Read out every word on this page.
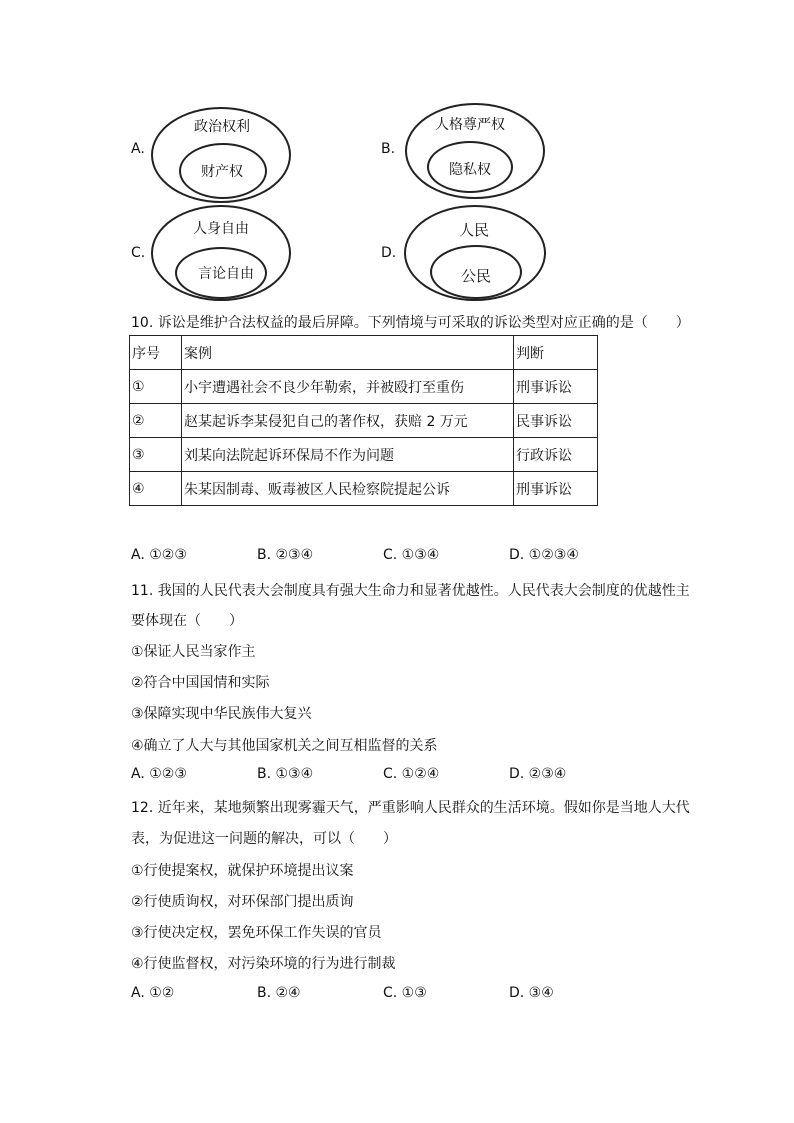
A.
政治权利
财产权
B.
人格尊严权
隐私权
C.
人身自由
言论自由
D.
人民
公民
10. 诉讼是维护合法权益的最后屏障。下列情境与可采取的诉讼类型对应正确的是（　　）
序号	案例	判断
①	小宇遭遇社会不良少年勒索，并被殴打至重伤	刑事诉讼
②	赵某起诉李某侵犯自己的著作权，获赔 2 万元	民事诉讼
③	刘某向法院起诉环保局不作为问题	行政诉讼
④	朱某因制毒、贩毒被区人民检察院提起公诉	刑事诉讼
A. ①②③	B. ②③④	C. ①③④	D. ①②③④
11. 我国的人民代表大会制度具有强大生命力和显著优越性。人民代表大会制度的优越性主
要体现在（　　）
①保证人民当家作主
②符合中国国情和实际
③保障实现中华民族伟大复兴
④确立了人大与其他国家机关之间互相监督的关系
A. ①②③	B. ①③④	C. ①②④	D. ②③④
12. 近年来，某地频繁出现雾霾天气，严重影响人民群众的生活环境。假如你是当地人大代
表，为促进这一问题的解决，可以（　　）
①行使提案权，就保护环境提出议案
②行使质询权，对环保部门提出质询
③行使决定权，罢免环保工作失误的官员
④行使监督权，对污染环境的行为进行制裁
A. ①②	B. ②④	C. ①③	D. ③④
